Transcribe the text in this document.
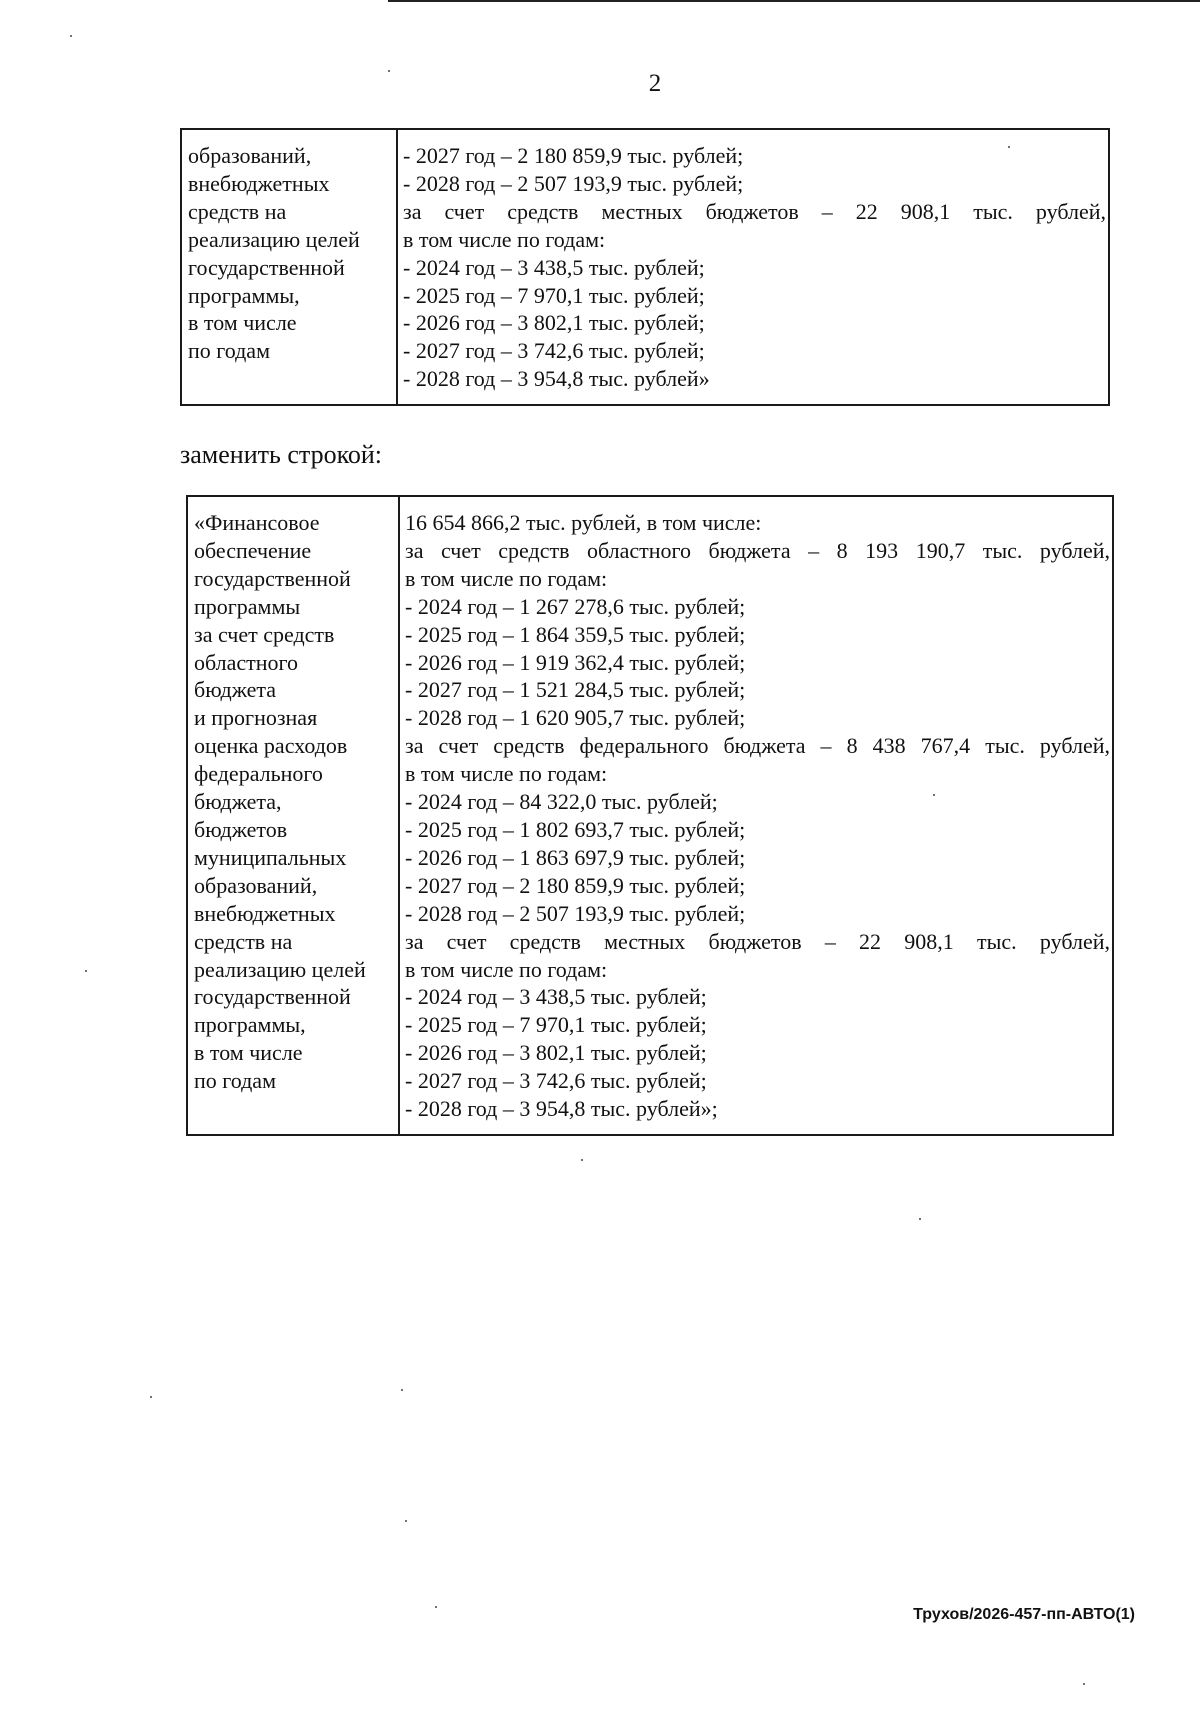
2
образований,
внебюджетных
средств на
реализацию целей
государственной
программы,
в том числе
по годам
- 2027 год – 2 180 859,9 тыс. рублей;
- 2028 год – 2 507 193,9 тыс. рублей;
за счет средств местных бюджетов – 22 908,1 тыс. рублей,
в том числе по годам:
- 2024 год – 3 438,5 тыс. рублей;
- 2025 год – 7 970,1 тыс. рублей;
- 2026 год – 3 802,1 тыс. рублей;
- 2027 год – 3 742,6 тыс. рублей;
- 2028 год – 3 954,8 тыс. рублей»
заменить строкой:
«Финансовое
обеспечение
государственной
программы
за счет средств
областного
бюджета
и прогнозная
оценка расходов
федерального
бюджета,
бюджетов
муниципальных
образований,
внебюджетных
средств на
реализацию целей
государственной
программы,
в том числе
по годам
16 654 866,2 тыс. рублей, в том числе:
за счет средств областного бюджета – 8 193 190,7 тыс. рублей,
в том числе по годам:
- 2024 год – 1 267 278,6 тыс. рублей;
- 2025 год – 1 864 359,5 тыс. рублей;
- 2026 год – 1 919 362,4 тыс. рублей;
- 2027 год – 1 521 284,5 тыс. рублей;
- 2028 год – 1 620 905,7 тыс. рублей;
за счет средств федерального бюджета – 8 438 767,4 тыс. рублей,
в том числе по годам:
- 2024 год – 84 322,0 тыс. рублей;
- 2025 год – 1 802 693,7 тыс. рублей;
- 2026 год – 1 863 697,9 тыс. рублей;
- 2027 год – 2 180 859,9 тыс. рублей;
- 2028 год – 2 507 193,9 тыс. рублей;
за счет средств местных бюджетов – 22 908,1 тыс. рублей,
в том числе по годам:
- 2024 год – 3 438,5 тыс. рублей;
- 2025 год – 7 970,1 тыс. рублей;
- 2026 год – 3 802,1 тыс. рублей;
- 2027 год – 3 742,6 тыс. рублей;
- 2028 год – 3 954,8 тыс. рублей»;
Трухов/2026-457-пп-АВТО(1)
